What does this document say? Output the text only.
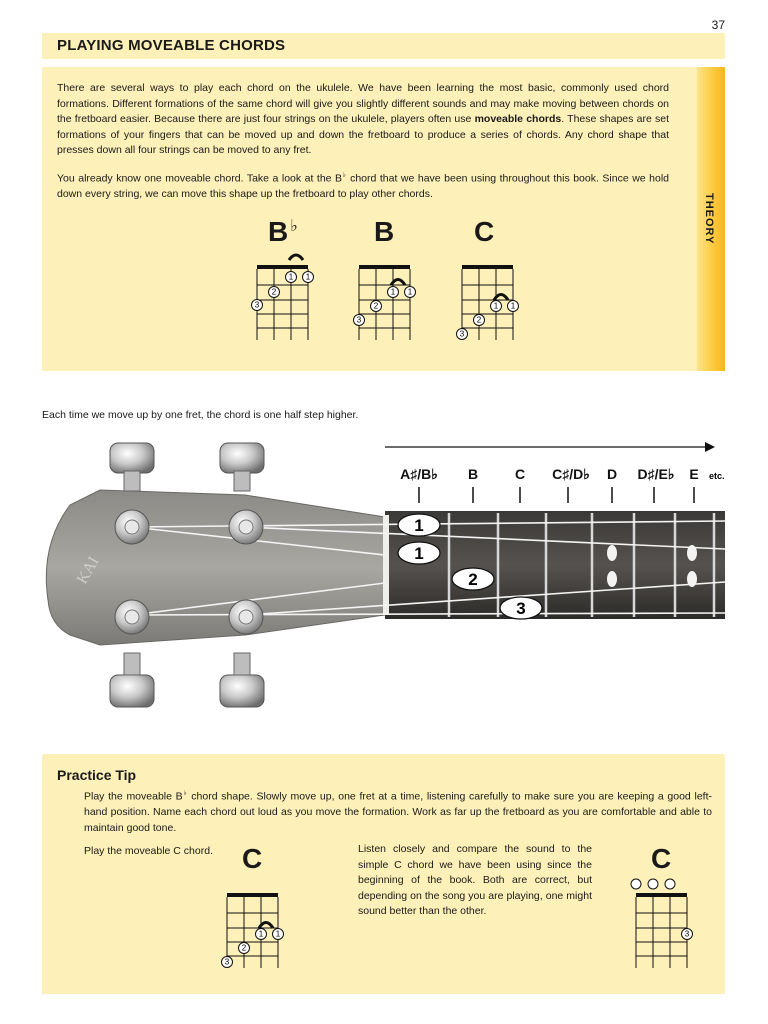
37
PLAYING MOVEABLE CHORDS
THEORY

There are several ways to play each chord on the ukulele. We have been learning the most basic, commonly used chord formations. Different formations of the same chord will give you slightly different sounds and may make moving between chords on the fretboard easier. Because there are just four strings on the ukulele, players often use moveable chords. These shapes are set formations of your fingers that can be moved up and down the fretboard to produce a series of chords. Any chord shape that presses down all four strings can be moved to any fret.

You already know one moveable chord. Take a look at the B♭ chord that we have been using throughout this book. Since we hold down every string, we can move this shape up the fretboard to play other chords.

B ♭	B	C
1 1
2
3
1 1
2
3
1 1
2
3
Each time we move up by one fret, the chord is one half step higher.
A♯/B♭ B	C C♯/D♭ D D♯/E♭ E etc.
KAI
1
1
2
3
Practice Tip

Play the moveable B♭ chord shape. Slowly move up, one fret at a time, listening carefully to make sure you are keeping a good left-hand position. Name each chord out loud as you move the formation. Work as far up the fretboard as you are comfortable and able to maintain good tone.

Play the moveable C chord.	C
1 1
2
3

Listen closely and compare the sound to the simple C chord we have been using since the beginning of the book. Both are correct, but depending on the song you are playing, one might sound better than the other.

C
3
